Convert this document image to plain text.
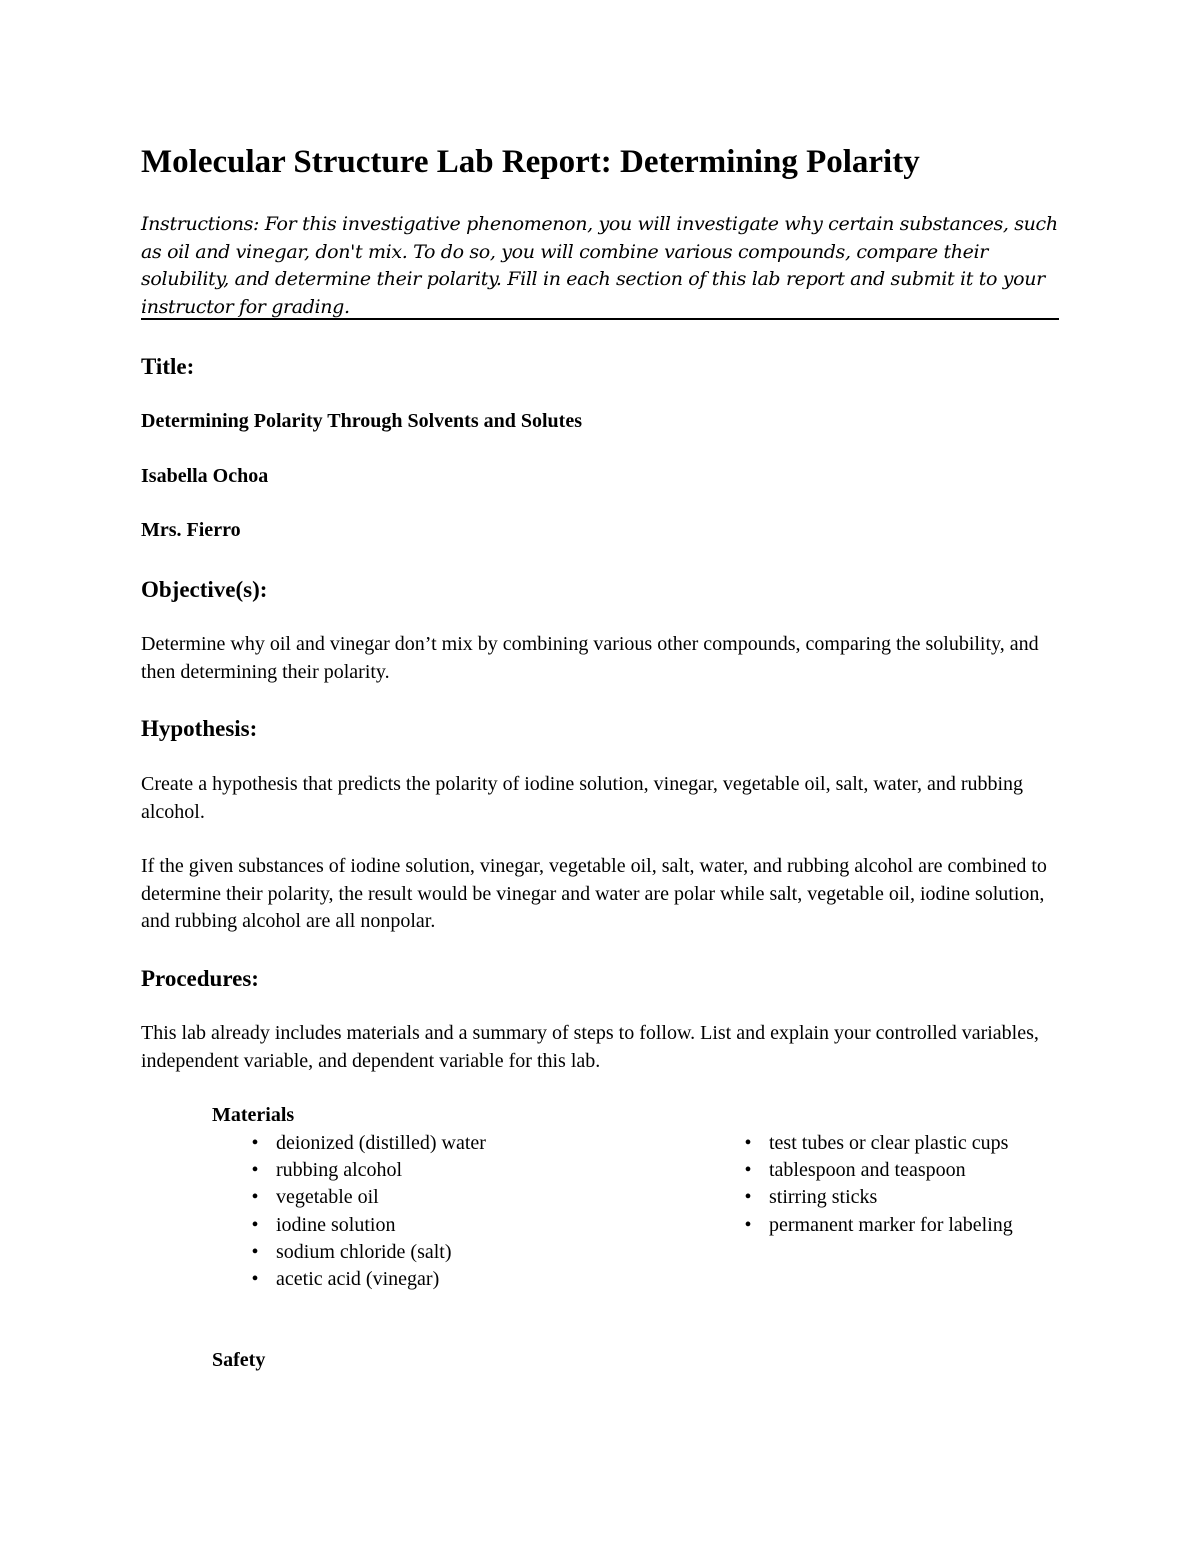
Molecular Structure Lab Report: Determining Polarity

Instructions: For this investigative phenomenon, you will investigate why certain substances, such as oil and vinegar, don't mix. To do so, you will combine various compounds, compare their solubility, and determine their polarity. Fill in each section of this lab report and submit it to your instructor for grading.

Title:

Determining Polarity Through Solvents and Solutes

Isabella Ochoa

Mrs. Fierro

Objective(s):

Determine why oil and vinegar don’t mix by combining various other compounds, comparing the solubility, and then determining their polarity.

Hypothesis:

Create a hypothesis that predicts the polarity of iodine solution, vinegar, vegetable oil, salt, water, and rubbing alcohol.

If the given substances of iodine solution, vinegar, vegetable oil, salt, water, and rubbing alcohol are combined to determine their polarity, the result would be vinegar and water are polar while salt, vegetable oil, iodine solution, and rubbing alcohol are all nonpolar.

Procedures:

This lab already includes materials and a summary of steps to follow. List and explain your controlled variables, independent variable, and dependent variable for this lab.

Materials

• deionized (distilled) water
• rubbing alcohol
• vegetable oil
• iodine solution
• sodium chloride (salt)
• acetic acid (vinegar)
• test tubes or clear plastic cups
• tablespoon and teaspoon
• stirring sticks
• permanent marker for labeling

Safety
